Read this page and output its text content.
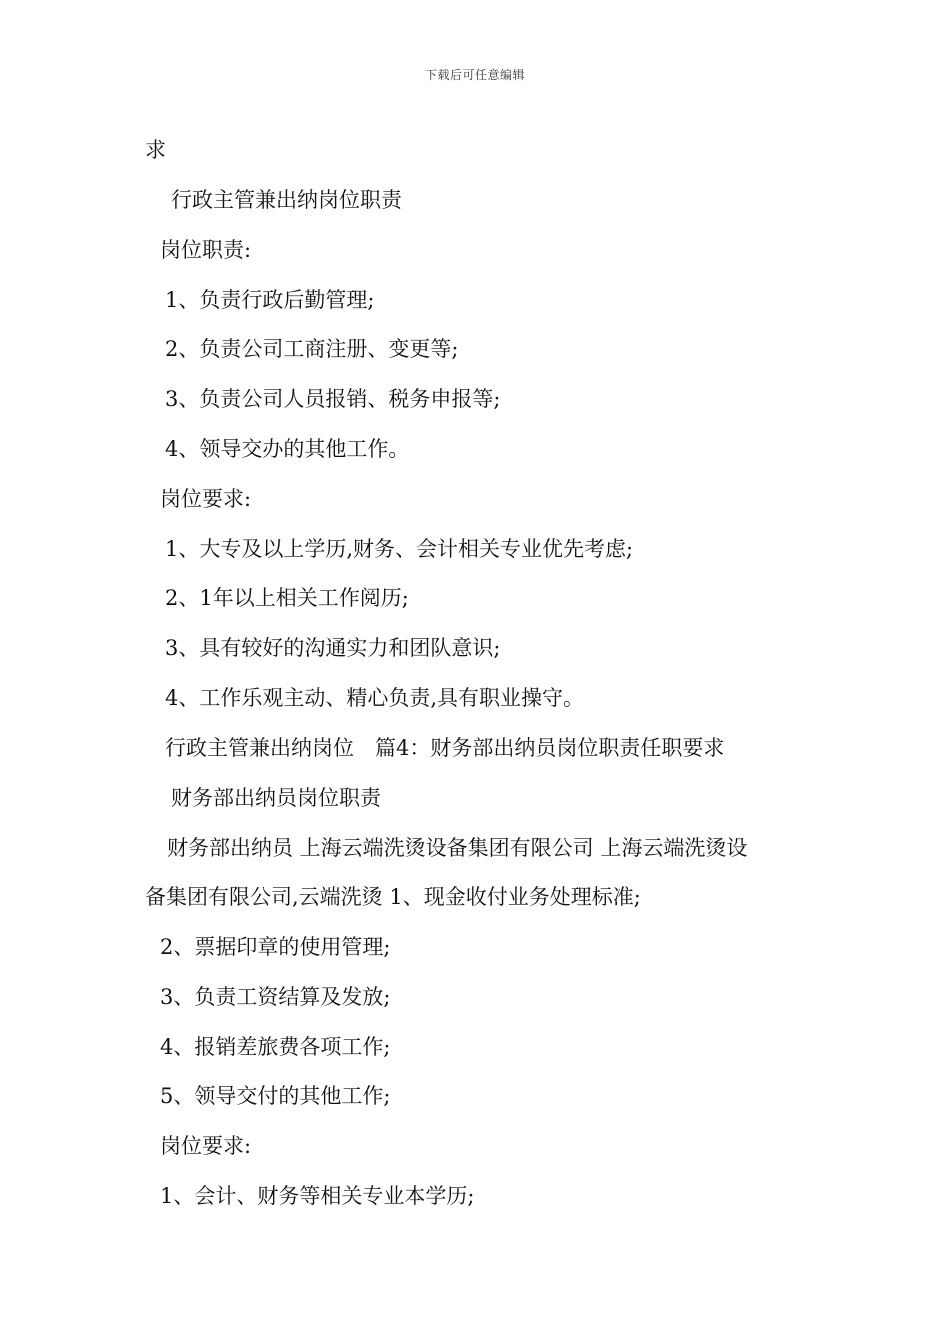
下载后可任意编辑
求
行政主管兼出纳岗位职责
岗位职责:
1、负责行政后勤管理;
2、负责公司工商注册、变更等;
3、负责公司人员报销、税务申报等;
4、领导交办的其他工作。
岗位要求:
1、大专及以上学历,财务、会计相关专业优先考虑;
2、1年以上相关工作阅历;
3、具有较好的沟通实力和团队意识;
4、工作乐观主动、精心负责,具有职业操守。
行政主管兼出纳岗位　篇4：财务部出纳员岗位职责任职要求
财务部出纳员岗位职责
财务部出纳员 上海云端洗烫设备集团有限公司 上海云端洗烫设
备集团有限公司,云端洗烫 1、现金收付业务处理标准;
2、票据印章的使用管理;
3、负责工资结算及发放;
4、报销差旅费各项工作;
5、领导交付的其他工作;
岗位要求:
1、会计、财务等相关专业本学历;
